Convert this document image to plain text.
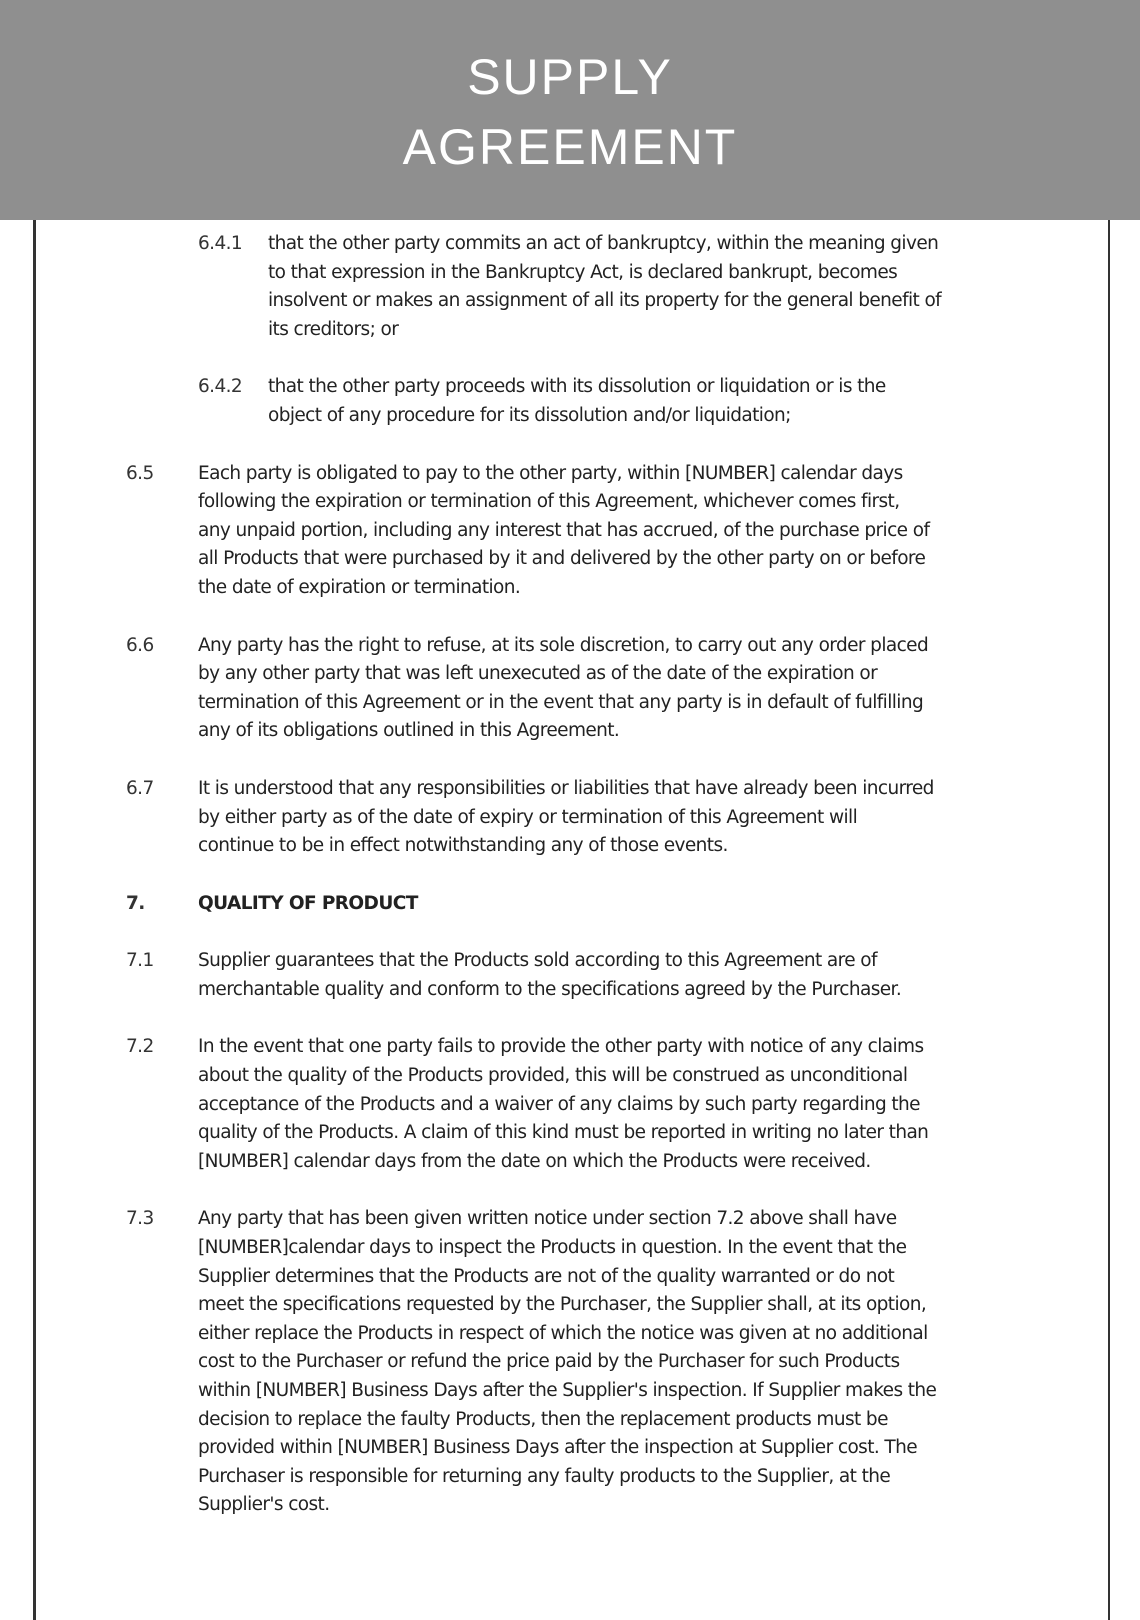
SUPPLY
AGREEMENT
6.4.1 that the other party commits an act of bankruptcy, within the meaning given
to that expression in the Bankruptcy Act, is declared bankrupt, becomes
insolvent or makes an assignment of all its property for the general benefit of
its creditors; or
6.4.2 that the other party proceeds with its dissolution or liquidation or is the
object of any procedure for its dissolution and/or liquidation;
6.5 Each party is obligated to pay to the other party, within [NUMBER] calendar days
following the expiration or termination of this Agreement, whichever comes first,
any unpaid portion, including any interest that has accrued, of the purchase price of
all Products that were purchased by it and delivered by the other party on or before
the date of expiration or termination.
6.6 Any party has the right to refuse, at its sole discretion, to carry out any order placed
by any other party that was left unexecuted as of the date of the expiration or
termination of this Agreement or in the event that any party is in default of fulfilling
any of its obligations outlined in this Agreement.
6.7 It is understood that any responsibilities or liabilities that have already been incurred
by either party as of the date of expiry or termination of this Agreement will
continue to be in effect notwithstanding any of those events.
7.	QUALITY OF PRODUCT
7.1 Supplier guarantees that the Products sold according to this Agreement are of
merchantable quality and conform to the specifications agreed by the Purchaser.
7.2 In the event that one party fails to provide the other party with notice of any claims
about the quality of the Products provided, this will be construed as unconditional
acceptance of the Products and a waiver of any claims by such party regarding the
quality of the Products. A claim of this kind must be reported in writing no later than
[NUMBER] calendar days from the date on which the Products were received.
7.3 Any party that has been given written notice under section 7.2 above shall have
[NUMBER]calendar days to inspect the Products in question. In the event that the
Supplier determines that the Products are not of the quality warranted or do not
meet the specifications requested by the Purchaser, the Supplier shall, at its option,
either replace the Products in respect of which the notice was given at no additional
cost to the Purchaser or refund the price paid by the Purchaser for such Products
within [NUMBER] Business Days after the Supplier's inspection. If Supplier makes the
decision to replace the faulty Products, then the replacement products must be
provided within [NUMBER] Business Days after the inspection at Supplier cost. The
Purchaser is responsible for returning any faulty products to the Supplier, at the
Supplier's cost.
